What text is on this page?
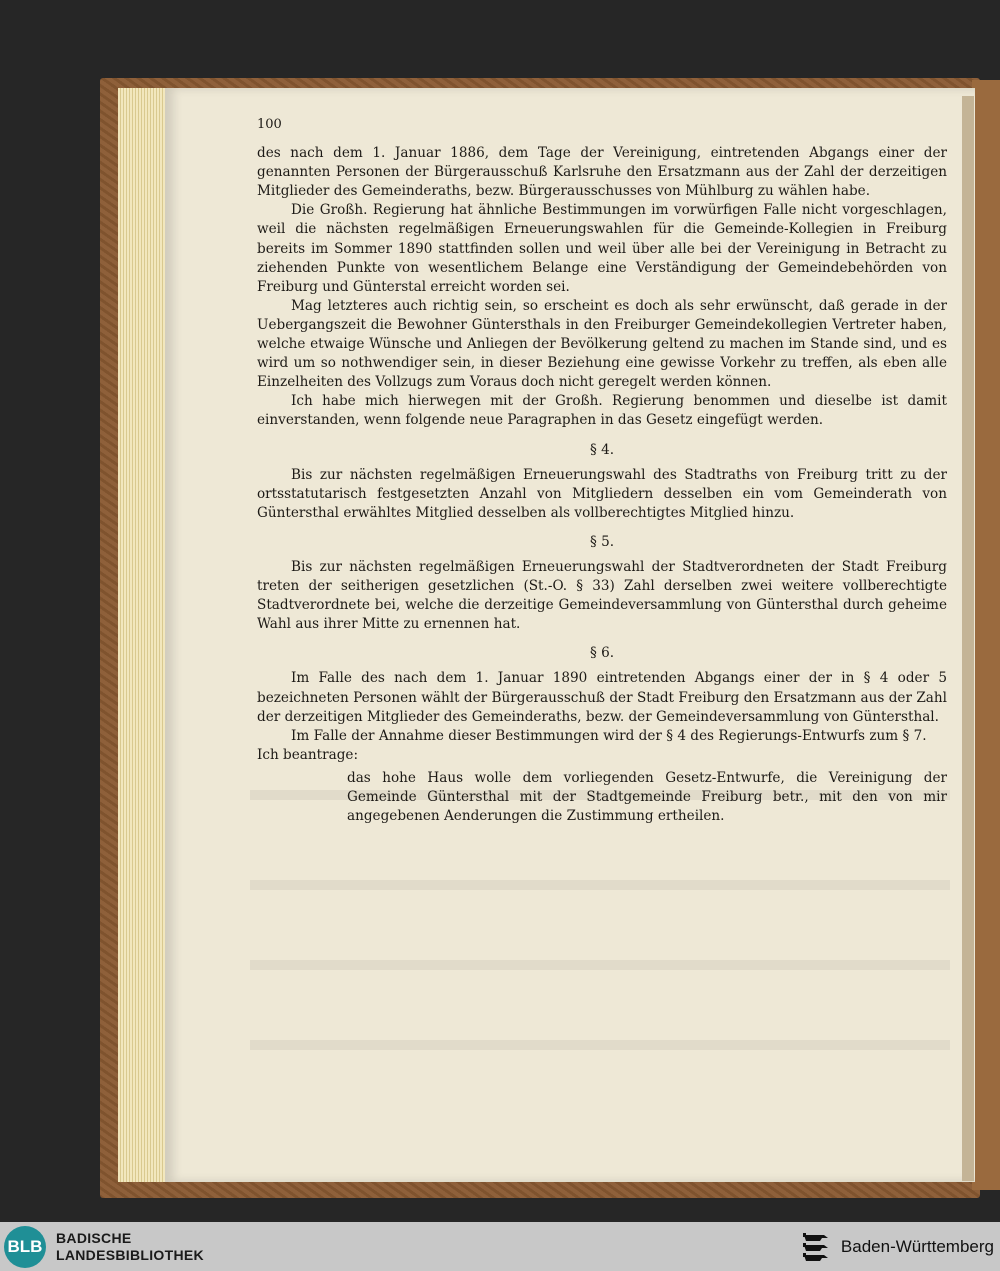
100

des nach dem 1. Januar 1886, dem Tage der Vereinigung, eintretenden Abgangs einer der genannten Personen der Bürgerausschuß Karlsruhe den Ersatzmann aus der Zahl der derzeitigen Mitglieder des Gemeinderaths, bezw. Bürgerausschusses von Mühlburg zu wählen habe.

Die Großh. Regierung hat ähnliche Bestimmungen im vorwürfigen Falle nicht vorgeschlagen, weil die nächsten regelmäßigen Erneuerungswahlen für die Gemeinde-Kollegien in Freiburg bereits im Sommer 1890 stattfinden sollen und weil über alle bei der Vereinigung in Betracht zu ziehenden Punkte von wesentlichem Belange eine Verständigung der Gemeindebehörden von Freiburg und Günterstal erreicht worden sei.

Mag letzteres auch richtig sein, so erscheint es doch als sehr erwünscht, daß gerade in der Uebergangszeit die Bewohner Güntersthals in den Freiburger Gemeindekollegien Vertreter haben, welche etwaige Wünsche und Anliegen der Bevölkerung geltend zu machen im Stande sind, und es wird um so nothwendiger sein, in dieser Beziehung eine gewisse Vorkehr zu treffen, als eben alle Einzelheiten des Vollzugs zum Voraus doch nicht geregelt werden können.

Ich habe mich hierwegen mit der Großh. Regierung benommen und dieselbe ist damit einverstanden, wenn folgende neue Paragraphen in das Gesetz eingefügt werden.

§ 4.

Bis zur nächsten regelmäßigen Erneuerungswahl des Stadtraths von Freiburg tritt zu der ortsstatutarisch festgesetzten Anzahl von Mitgliedern desselben ein vom Gemeinderath von Güntersthal erwähltes Mitglied desselben als vollberechtigtes Mitglied hinzu.

§ 5.

Bis zur nächsten regelmäßigen Erneuerungswahl der Stadtverordneten der Stadt Freiburg treten der seitherigen gesetzlichen (St.-O. § 33) Zahl derselben zwei weitere vollberechtigte Stadtverordnete bei, welche die derzeitige Gemeindeversammlung von Güntersthal durch geheime Wahl aus ihrer Mitte zu ernennen hat.

§ 6.

Im Falle des nach dem 1. Januar 1890 eintretenden Abgangs einer der in § 4 oder 5 bezeichneten Personen wählt der Bürgerausschuß der Stadt Freiburg den Ersatzmann aus der Zahl der derzeitigen Mitglieder des Gemeinderaths, bezw. der Gemeindeversammlung von Güntersthal.

Im Falle der Annahme dieser Bestimmungen wird der § 4 des Regierungs-Entwurfs zum § 7.

Ich beantrage:

das hohe Haus wolle dem vorliegenden Gesetz-Entwurfe, die Vereinigung der Gemeinde Güntersthal mit der Stadtgemeinde Freiburg betr., mit den von mir angegebenen Aenderungen die Zustimmung ertheilen.

BLB BADISCHE
LANDESBIBLIOTHEK	Baden-Württemberg
